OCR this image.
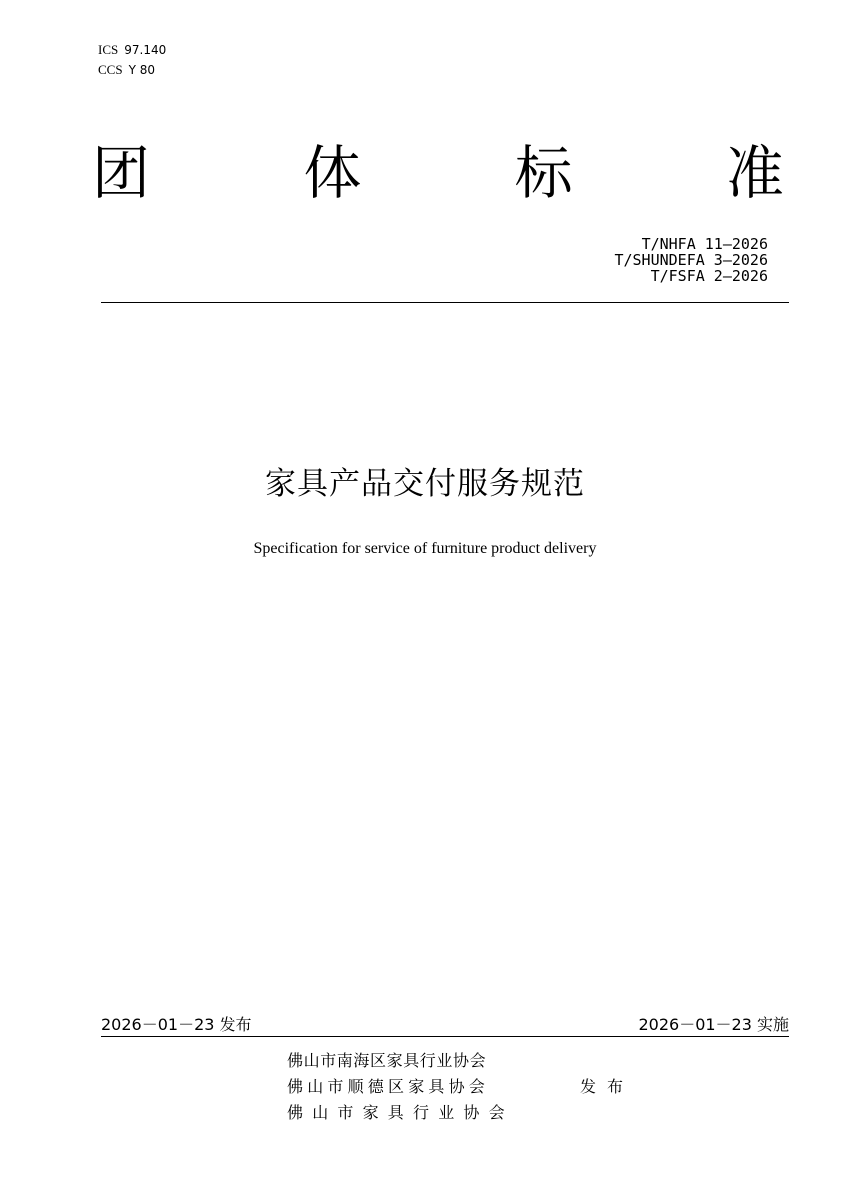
ICS 97.140
CCS Y 80
团	体	标	准
T/NHFA 11—2026
T/SHUNDEFA 3—2026
T/FSFA 2—2026
家具产品交付服务规范
Specification for service of furniture product delivery
2026－01－23 发布	2026－01－23 实施
佛山市南海区家具行业协会
佛山市顺德区家具协会
佛山市家具行业协会
发布
